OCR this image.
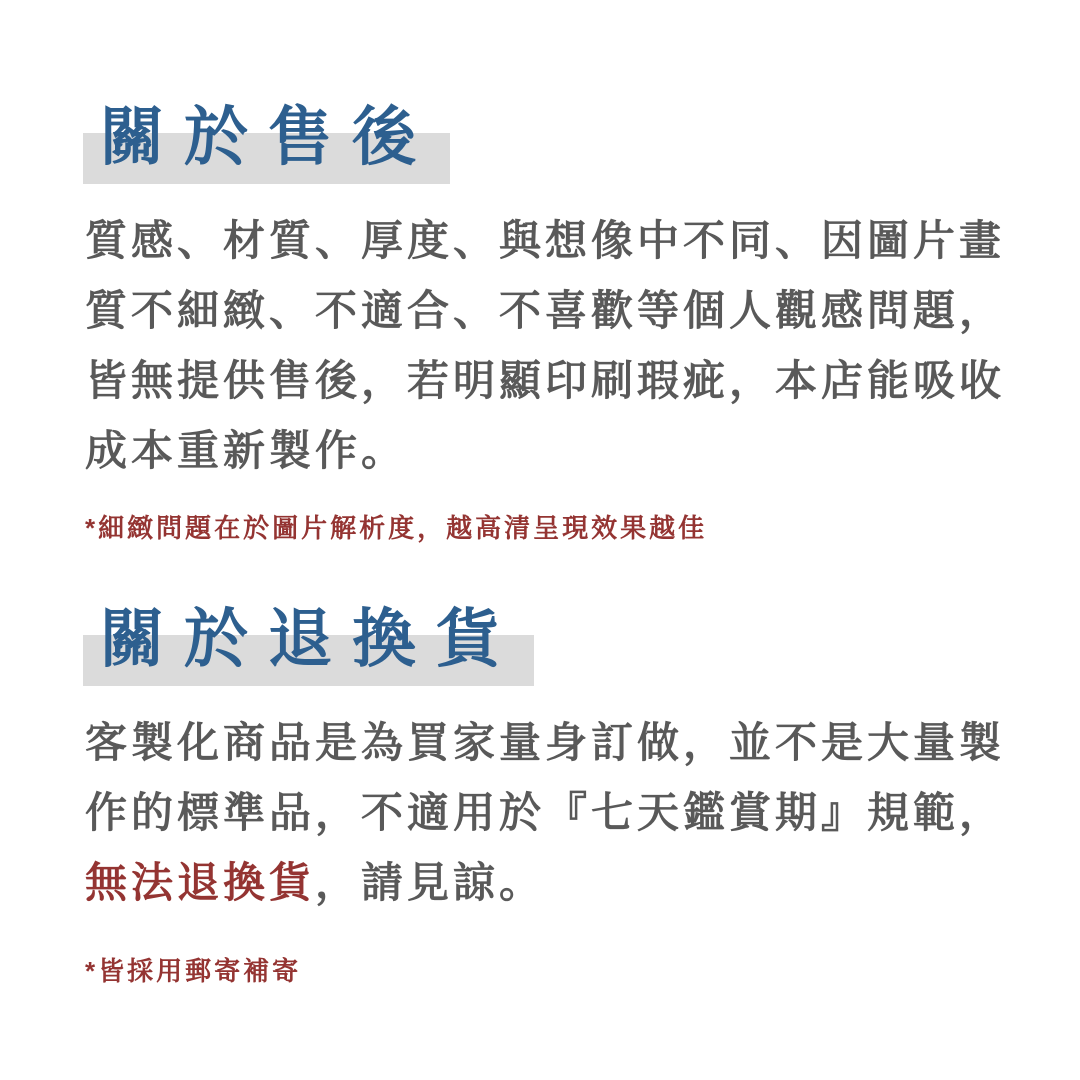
關於售後

質感、材質、厚度、與想像中不同、因圖片畫

質不細緻、不適合、不喜歡等個人觀感問題，

皆無提供售後，若明顯印刷瑕疵，本店能吸收

成本重新製作。

*細緻問題在於圖片解析度，越高清呈現效果越佳

關於退換貨

客製化商品是為買家量身訂做，並不是大量製

作的標準品，不適用於『七天鑑賞期』規範，

無法退換貨，請見諒。

*皆採用郵寄補寄
